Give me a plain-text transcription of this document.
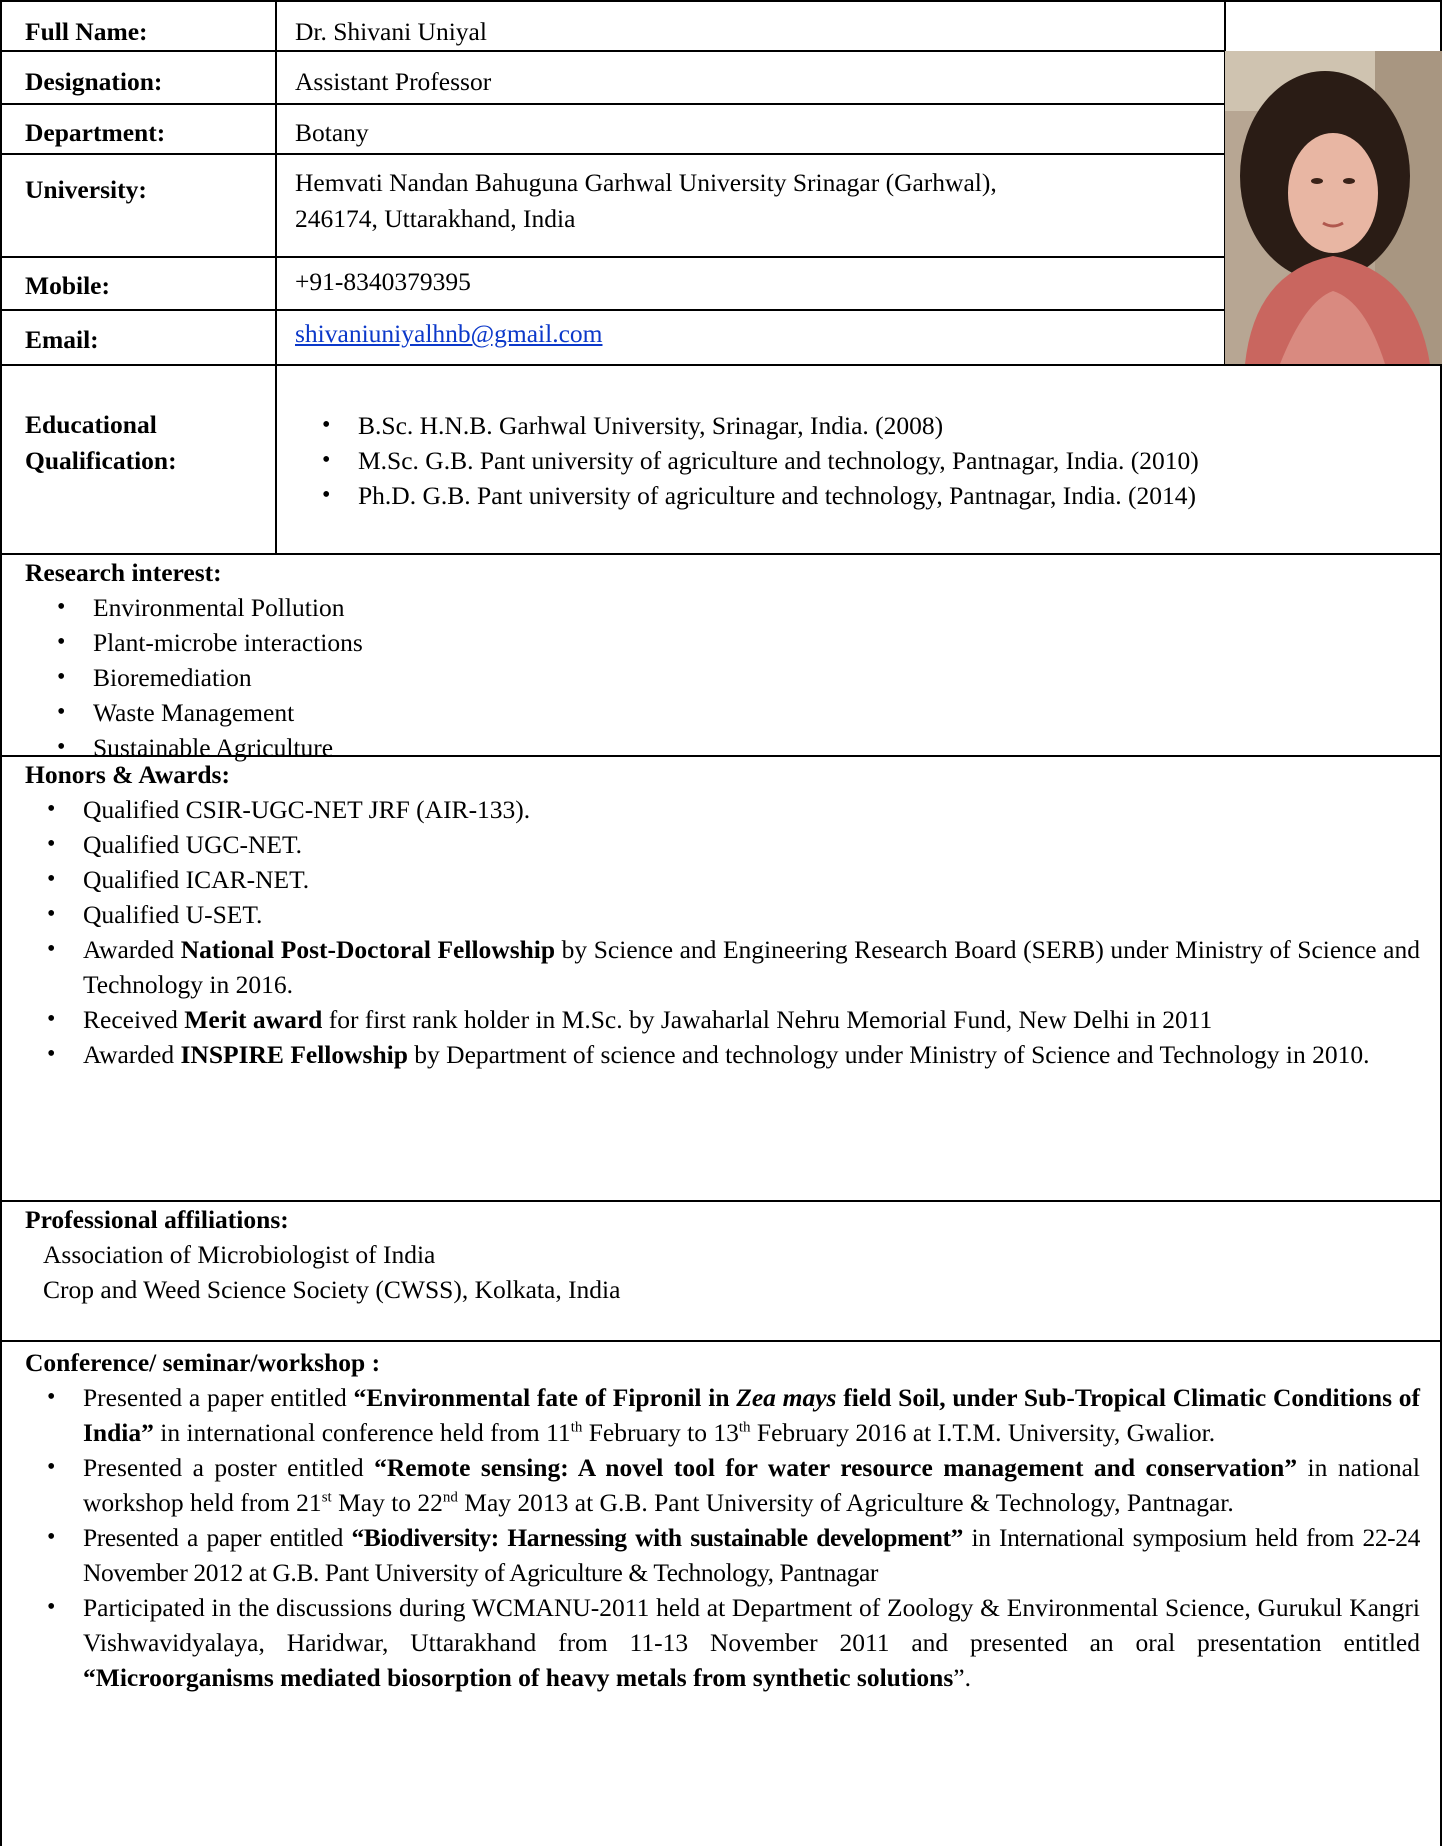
Full Name:	Dr. Shivani Uniyal
Designation:	Assistant Professor
Department:	Botany
University:	Hemvati Nandan Bahuguna Garhwal University Srinagar (Garhwal),
246174, Uttarakhand, India
Mobile:	+91-8340379395
Email:	shivaniuniyalhnb@gmail.com
Educational
Qualification:
• B.Sc. H.N.B. Garhwal University, Srinagar, India. (2008)
• M.Sc. G.B. Pant university of agriculture and technology, Pantnagar, India. (2010)
• Ph.D. G.B. Pant university of agriculture and technology, Pantnagar, India. (2014)

Research interest:

• Environmental Pollution
• Plant-microbe interactions
• Bioremediation
• Waste Management
• Sustainable Agriculture

Honors & Awards:

• Qualified CSIR-UGC-NET JRF (AIR-133).
• Qualified UGC-NET.
• Qualified ICAR-NET.
• Qualified U-SET.
• Awarded National Post-Doctoral Fellowship by Science and Engineering Research Board (SERB) under Ministry of Science and Technology in 2016.
• Received Merit award for first rank holder in M.Sc. by Jawaharlal Nehru Memorial Fund, New Delhi in 2011
• Awarded INSPIRE Fellowship by Department of science and technology under Ministry of Science and Technology in 2010.

Professional affiliations:

Association of Microbiologist of India
Crop and Weed Science Society (CWSS), Kolkata, India

Conference/ seminar/workshop :

• Presented a paper entitled “Environmental fate of Fipronil in Zea mays field Soil, under Sub-Tropical Climatic Conditions of India” in international conference held from 11th February to 13th February 2016 at I.T.M. University, Gwalior.
• Presented a poster entitled “Remote sensing: A novel tool for water resource management and conservation” in national workshop held from 21st May to 22nd May 2013 at G.B. Pant University of Agriculture & Technology, Pantnagar.
• Presented a paper entitled “Biodiversity: Harnessing with sustainable development” in International symposium held from 22-24 November 2012 at G.B. Pant University of Agriculture & Technology, Pantnagar
• Participated in the discussions during WCMANU-2011 held at Department of Zoology & Environmental Science, Gurukul Kangri Vishwavidyalaya, Haridwar, Uttarakhand from 11-13 November 2011 and presented an oral presentation entitled “Microorganisms mediated biosorption of heavy metals from synthetic solutions”.
